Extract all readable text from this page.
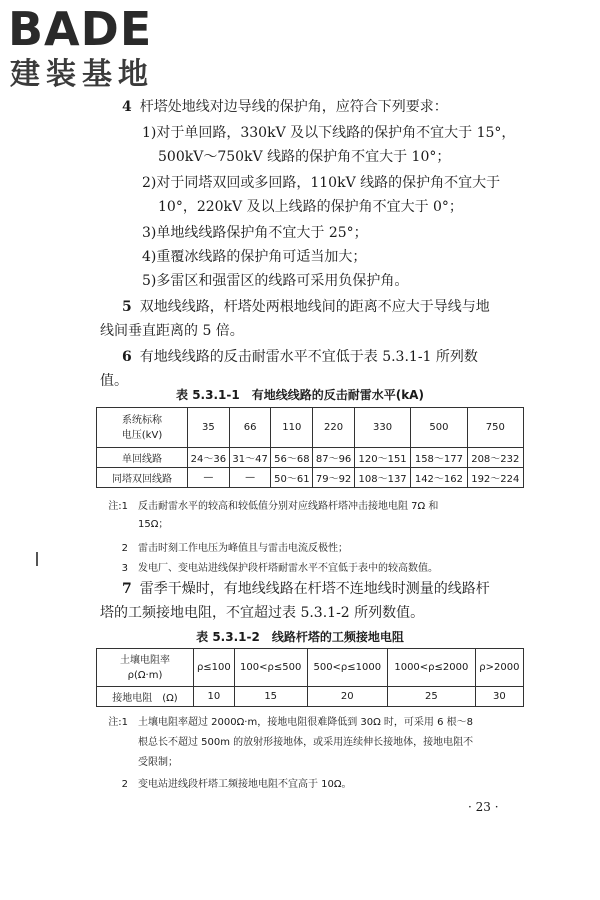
BADE
建装基地
4 杆塔处地线对边导线的保护角，应符合下列要求：
1)对于单回路，330kV 及以下线路的保护角不宜大于 15°，
500kV～750kV 线路的保护角不宜大于 10°；
2)对于同塔双回或多回路，110kV 线路的保护角不宜大于
10°，220kV 及以上线路的保护角不宜大于 0°；
3)单地线线路保护角不宜大于 25°；
4)重覆冰线路的保护角可适当加大；
5)多雷区和强雷区的线路可采用负保护角。
5 双地线线路，杆塔处两根地线间的距离不应大于导线与地
线间垂直距离的 5 倍。
6 有地线线路的反击耐雷水平不宜低于表 5.3.1-1 所列数
值。
表 5.3.1-1　有地线线路的反击耐雷水平(kA)
系统标称
电压(kV)	35	66	110	220	330	500	750
单回线路	24～36	31～47	56～68	87～96	120～151	158～177	208～232
同塔双回线路	—	—	50～61	79～92	108～137	142～162	192～224
注:1 反击耐雷水平的较高和较低值分别对应线路杆塔冲击接地电阻 7Ω 和
15Ω；
2 雷击时刻工作电压为峰值且与雷击电流反极性；
3 发电厂、变电站进线保护段杆塔耐雷水平不宜低于表中的较高数值。
7 雷季干燥时，有地线线路在杆塔不连地线时测量的线路杆
塔的工频接地电阻，不宜超过表 5.3.1-2 所列数值。
表 5.3.1-2　线路杆塔的工频接地电阻
土壤电阻率
ρ(Ω·m)	ρ≤100	100<ρ≤500	500<ρ≤1000	1000<ρ≤2000	ρ>2000
接地电阻　(Ω)	10	15	20	25	30
注:1 土壤电阻率超过 2000Ω·m，接地电阻很难降低到 30Ω 时，可采用 6 根～8
根总长不超过 500m 的放射形接地体，或采用连续伸长接地体，接地电阻不
受限制；
2 变电站进线段杆塔工频接地电阻不宜高于 10Ω。
· 23 ·
